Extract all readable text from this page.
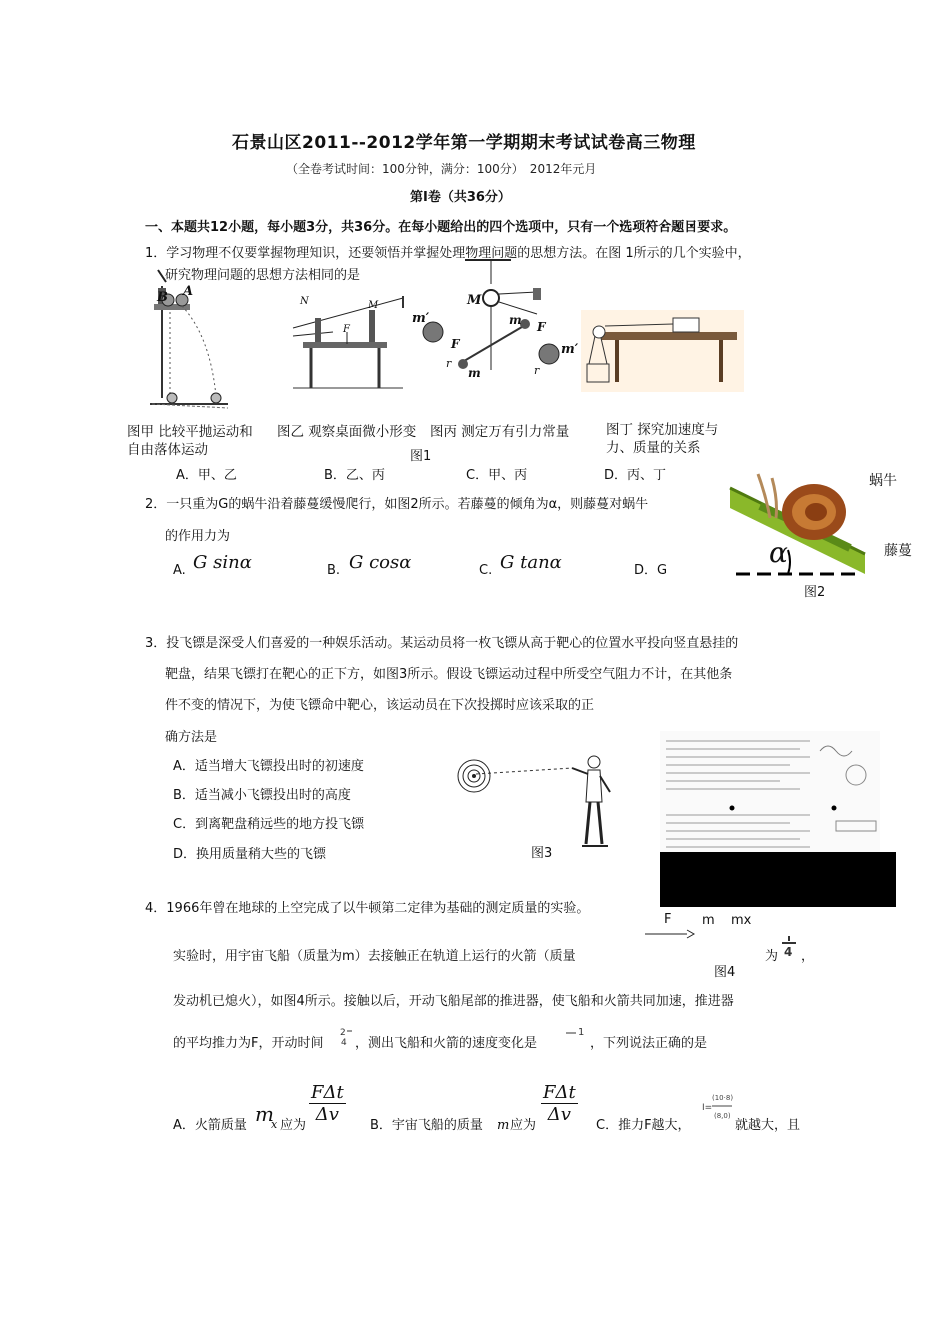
石景山区2011--2012学年第一学期期末考试试卷高三物理
（全卷考试时间：100分钟，满分：100分）　2012年元月
第Ⅰ卷（共36分）
一、本题共12小题，每小题3分，共36分。在每小题给出的四个选项中，只有一个选项符合题目要求。
1．学习物理不仅要掌握物理知识，还要领悟并掌握处理物理问题的思想方法。在图 1所示的几个实验中，
研究物理问题的思想方法相同的是
B A
图甲 比较平抛运动和自由落体运动
N	M
F
图乙 观察桌面微小形变
m′
M
F
m F
m′
r
m	r
图丙 测定万有引力常量	图丁 探究加速度与力、质量的关系
图1
A．甲、乙	B．乙、丙	C．甲、丙	D．丙、丁
2．一只重为G的蜗牛沿着藤蔓缓慢爬行，如图2所示。若藤蔓的倾角为α，则藤蔓对蜗牛
的作用力为
A. G sinα	B. G cosα	C. G tanα	D．G
蜗牛
藤蔓
α
图2
3．投飞镖是深受人们喜爱的一种娱乐活动。某运动员将一枚飞镖从高于靶心的位置水平投向竖直悬挂的
靶盘，结果飞镖打在靶心的正下方，如图3所示。假设飞镖运动过程中所受空气阻力不计，在其他条
件不变的情况下，为使飞镖命中靶心，该运动员在下次投掷时应该采取的正
确方法是
A．适当增大飞镖投出时的初速度
B．适当减小飞镖投出时的高度
C．到离靶盘稍远些的地方投飞镖
D．换用质量稍大些的飞镖	图3
F m mx
图4
4．1966年曾在地球的上空完成了以牛顿第二定律为基础的测定质量的实验。
实验时，用宇宙飞船（质量为m）去接触正在轨道上运行的火箭（质量	为 4 ，
发动机已熄火），如图4所示。接触以后，开动飞船尾部的推进器，使飞船和火箭共同加速，推进器
的平均推力为F，开动时间
2
4 ，测出飞船和火箭的速度变化是
1
，下列说法正确的是
A．火箭质量 m
x 应为
FΔt
Δv
B．宇宙飞船的质量 m 应为
FΔt
Δv
C．推力F越大，
I=
(10·8)
(8,0)
就越大，且
